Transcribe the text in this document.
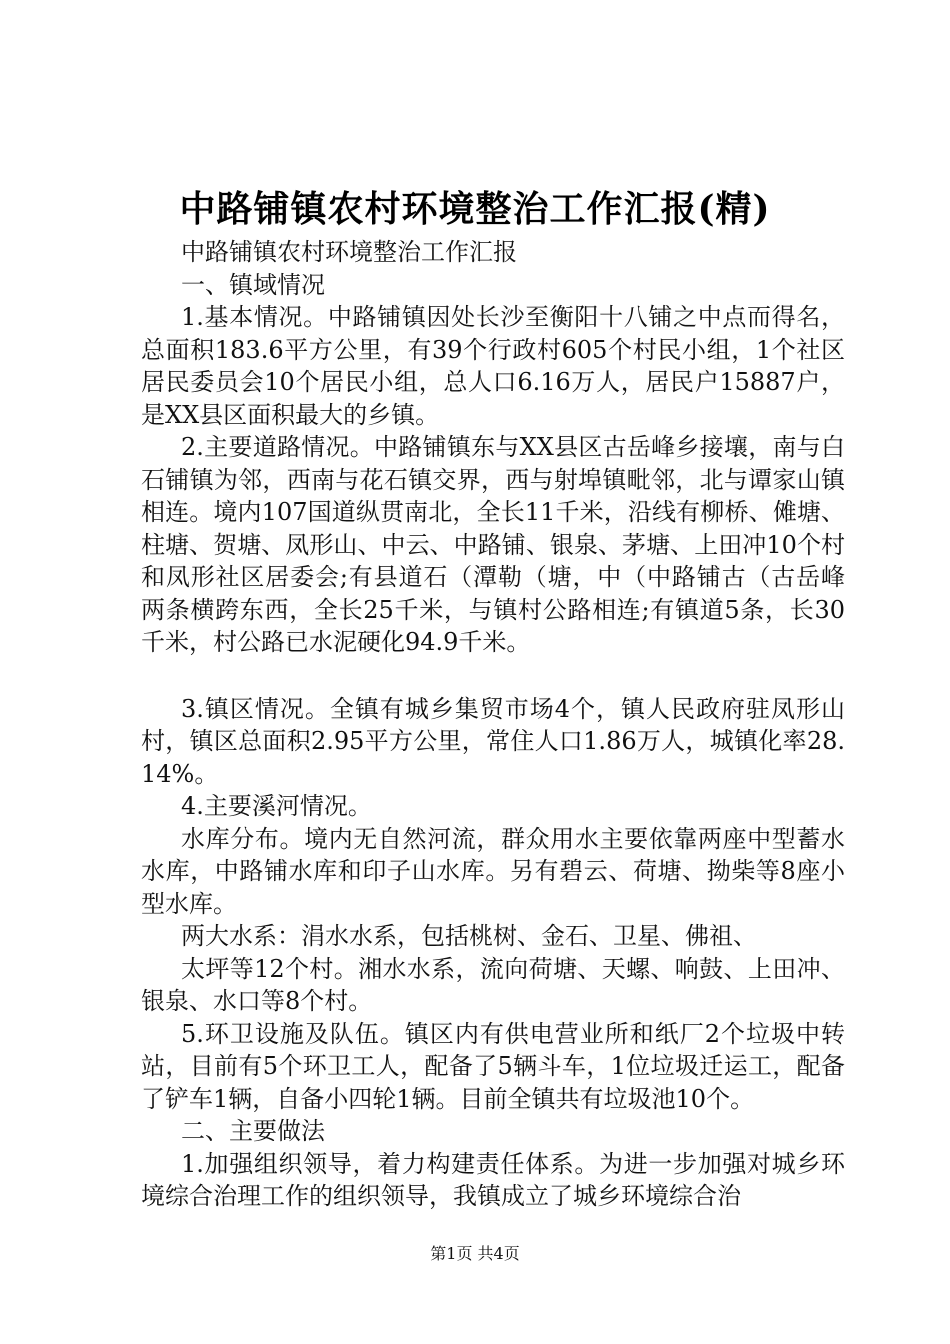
中路铺镇农村环境整治工作汇报(精)

中路铺镇农村环境整治工作汇报

一、镇域情况

1.基本情况。中路铺镇因处长沙至衡阳十八铺之中点而得名，总面积183.6平方公里，有39个行政村605个村民小组，1个社区居民委员会10个居民小组，总人口6.16万人，居民户15887户，是XX县区面积最大的乡镇。

2.主要道路情况。中路铺镇东与XX县区古岳峰乡接壤，南与白石铺镇为邻，西南与花石镇交界，西与射埠镇毗邻，北与谭家山镇相连。境内107国道纵贯南北，全长11千米，沿线有柳桥、傩塘、柱塘、贺塘、凤形山、中云、中路铺、银泉、茅塘、上田冲10个村和凤形社区居委会;有县道石（潭勒（塘，中（中路铺古（古岳峰两条横跨东西，全长25千米，与镇村公路相连;有镇道5条，长30千米，村公路已水泥硬化94.9千米。

3.镇区情况。全镇有城乡集贸市场4个，镇人民政府驻凤形山村，镇区总面积2.95平方公里，常住人口1.86万人，城镇化率28.14%。

4.主要溪河情况。

水库分布。境内无自然河流，群众用水主要依靠两座中型蓄水水库，中路铺水库和印子山水库。另有碧云、荷塘、拗柴等8座小型水库。

两大水系：涓水水系，包括桃树、金石、卫星、佛祖、

太坪等12个村。湘水水系，流向荷塘、天螺、响鼓、上田冲、银泉、水口等8个村。

5.环卫设施及队伍。镇区内有供电营业所和纸厂2个垃圾中转站，目前有5个环卫工人，配备了5辆斗车，1位垃圾迁运工，配备了铲车1辆，自备小四轮1辆。目前全镇共有垃圾池10个。

二、主要做法

1.加强组织领导，着力构建责任体系。为进一步加强对城乡环境综合治理工作的组织领导，我镇成立了城乡环境综合治

第1页 共4页
